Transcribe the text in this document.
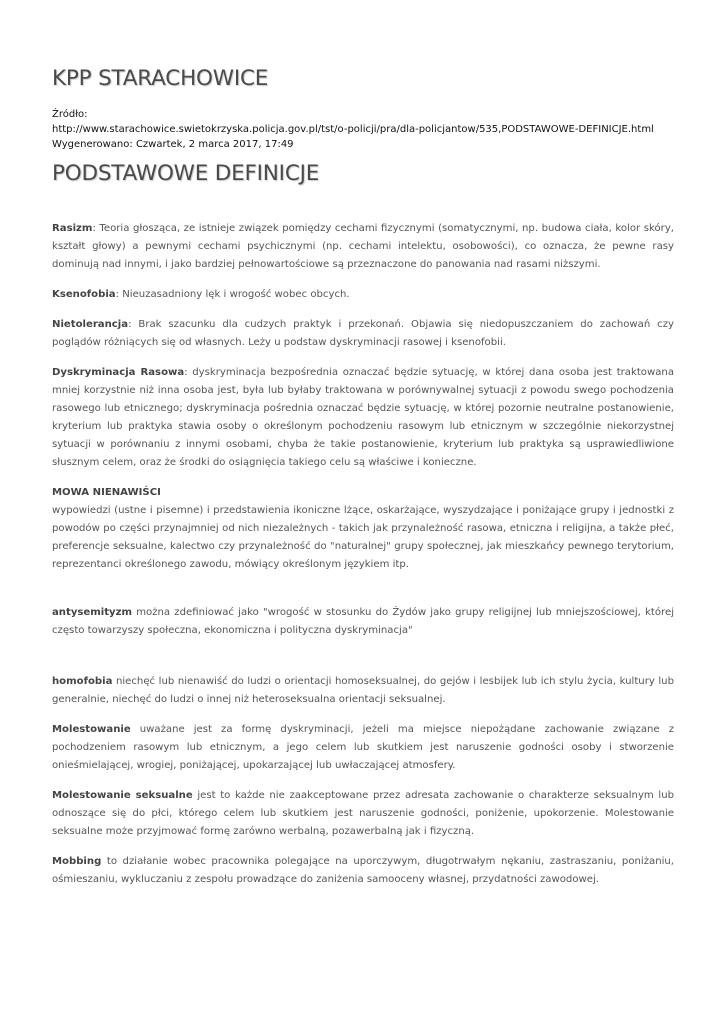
KPP STARACHOWICE
Źródło:
http://www.starachowice.swietokrzyska.policja.gov.pl/tst/o-policji/pra/dla-policjantow/535,PODSTAWOWE-DEFINICJE.html
Wygenerowano: Czwartek, 2 marca 2017, 17:49
PODSTAWOWE DEFINICJE

Rasizm: Teoria głosząca, ze istnieje związek pomiędzy cechami fizycznymi (somatycznymi, np. budowa ciała, kolor skóry, kształt głowy) a pewnymi cechami psychicznymi (np. cechami intelektu, osobowości), co oznacza, że pewne rasy dominują nad innymi, i jako bardziej pełnowartościowe są przeznaczone do panowania nad rasami niższymi.

Ksenofobia: Nieuzasadniony lęk i wrogość wobec obcych.

Nietolerancja: Brak szacunku dla cudzych praktyk i przekonań. Objawia się niedopuszczaniem do zachowań czy poglądów różniących się od własnych. Leży u podstaw dyskryminacji rasowej i ksenofobii.

Dyskryminacja Rasowa: dyskryminacja bezpośrednia oznaczać będzie sytuację, w której dana osoba jest traktowana mniej korzystnie niż inna osoba jest, była lub byłaby traktowana w porównywalnej sytuacji z powodu swego pochodzenia rasowego lub etnicznego; dyskryminacja pośrednia oznaczać będzie sytuację, w której pozornie neutralne postanowienie, kryterium lub praktyka stawia osoby o określonym pochodzeniu rasowym lub etnicznym w szczególnie niekorzystnej sytuacji w porównaniu z innymi osobami, chyba że takie postanowienie, kryterium lub praktyka są usprawiedliwione słusznym celem, oraz że środki do osiągnięcia takiego celu są właściwe i konieczne.

MOWA NIENAWIŚCI
wypowiedzi (ustne i pisemne) i przedstawienia ikoniczne lżące, oskarżające, wyszydzające i poniżające grupy i jednostki z powodów po części przynajmniej od nich niezależnych - takich jak przynależność rasowa, etniczna i religijna, a także płeć, preferencje seksualne, kalectwo czy przynależność do "naturalnej" grupy społecznej, jak mieszkańcy pewnego terytorium, reprezentanci określonego zawodu, mówiący określonym językiem itp.

antysemityzm można zdefiniować jako "wrogość w stosunku do Żydów jako grupy religijnej lub mniejszościowej, której często towarzyszy społeczna, ekonomiczna i polityczna dyskryminacja"

homofobia niechęć lub nienawiść do ludzi o orientacji homoseksualnej, do gejów i lesbijek lub ich stylu życia, kultury lub generalnie, niechęć do ludzi o innej niż heteroseksualna orientacji seksualnej.

Molestowanie uważane jest za formę dyskryminacji, jeżeli ma miejsce niepożądane zachowanie związane z pochodzeniem rasowym lub etnicznym, a jego celem lub skutkiem jest naruszenie godności osoby i stworzenie onieśmielającej, wrogiej, poniżającej, upokarzającej lub uwłaczającej atmosfery.

Molestowanie seksualne jest to każde nie zaakceptowane przez adresata zachowanie o charakterze seksualnym lub odnoszące się do płci, którego celem lub skutkiem jest naruszenie godności, poniżenie, upokorzenie. Molestowanie seksualne może przyjmować formę zarówno werbalną, pozawerbalną jak i fizyczną.

Mobbing to działanie wobec pracownika polegające na uporczywym, długotrwałym nękaniu, zastraszaniu, poniżaniu, ośmieszaniu, wykluczaniu z zespołu prowadzące do zaniżenia samooceny własnej, przydatności zawodowej.
